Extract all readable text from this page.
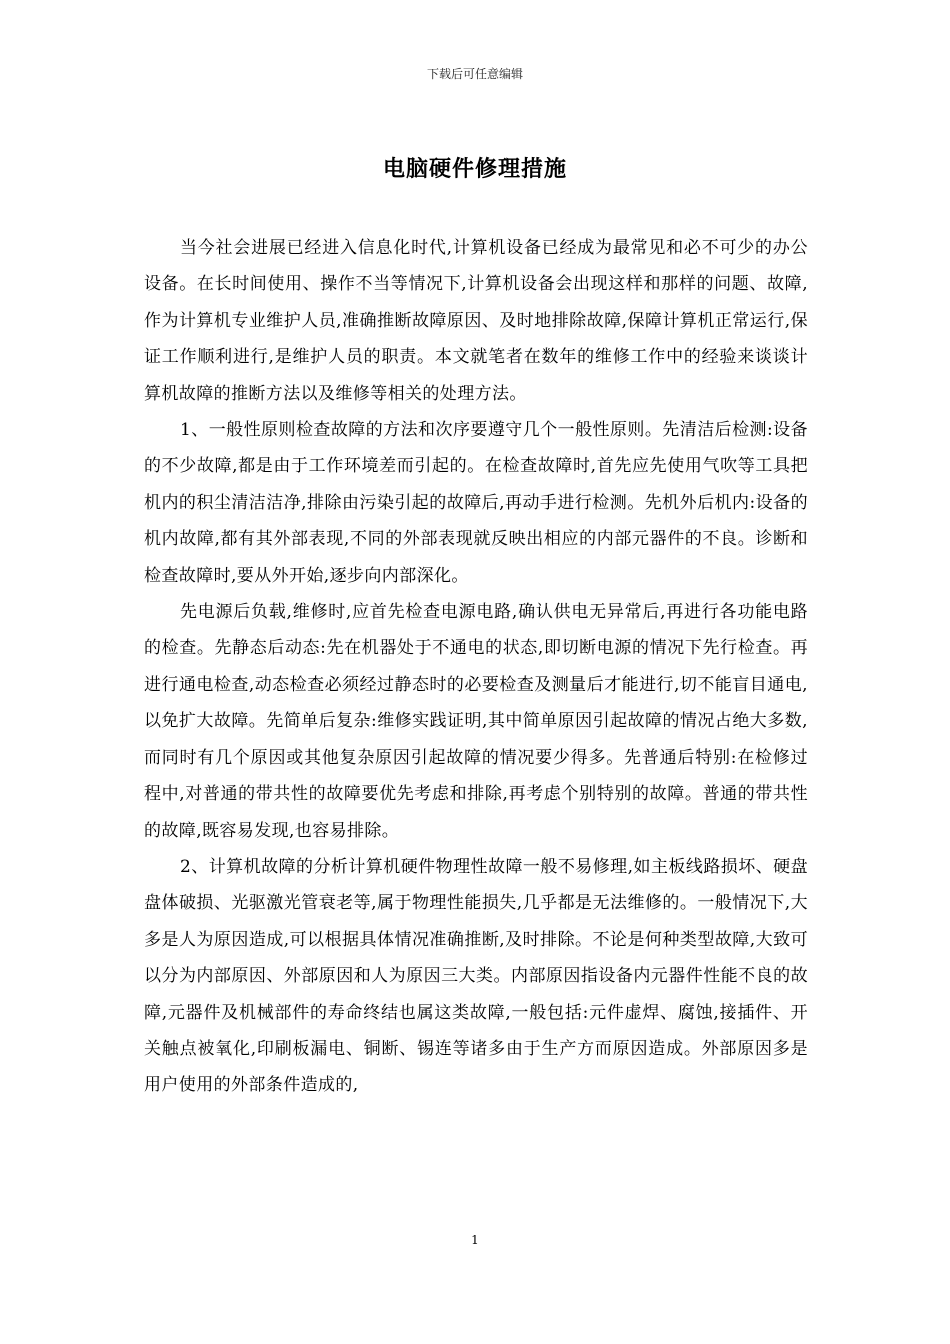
下载后可任意编辑
电脑硬件修理措施

当今社会进展已经进入信息化时代,计算机设备已经成为最常见和必不可少的办公设备。在长时间使用、操作不当等情况下,计算机设备会出现这样和那样的问题、故障,作为计算机专业维护人员,准确推断故障原因、及时地排除故障,保障计算机正常运行,保证工作顺利进行,是维护人员的职责。本文就笔者在数年的维修工作中的经验来谈谈计算机故障的推断方法以及维修等相关的处理方法。

1、一般性原则检查故障的方法和次序要遵守几个一般性原则。先清洁后检测:设备的不少故障,都是由于工作环境差而引起的。在检查故障时,首先应先使用气吹等工具把机内的积尘清洁洁净,排除由污染引起的故障后,再动手进行检测。先机外后机内:设备的机内故障,都有其外部表现,不同的外部表现就反映出相应的内部元器件的不良。诊断和检查故障时,要从外开始,逐步向内部深化。

先电源后负载,维修时,应首先检查电源电路,确认供电无异常后,再进行各功能电路的检查。先静态后动态:先在机器处于不通电的状态,即切断电源的情况下先行检查。再进行通电检查,动态检查必须经过静态时的必要检查及测量后才能进行,切不能盲目通电,以免扩大故障。先简单后复杂:维修实践证明,其中简单原因引起故障的情况占绝大多数,而同时有几个原因或其他复杂原因引起故障的情况要少得多。先普通后特别:在检修过程中,对普通的带共性的故障要优先考虑和排除,再考虑个别特别的故障。普通的带共性的故障,既容易发现,也容易排除。

2、计算机故障的分析计算机硬件物理性故障一般不易修理,如主板线路损坏、硬盘盘体破损、光驱激光管衰老等,属于物理性能损失,几乎都是无法维修的。一般情况下,大多是人为原因造成,可以根据具体情况准确推断,及时排除。不论是何种类型故障,大致可以分为内部原因、外部原因和人为原因三大类。内部原因指设备内元器件性能不良的故障,元器件及机械部件的寿命终结也属这类故障,一般包括:元件虚焊、腐蚀,接插件、开关触点被氧化,印刷板漏电、铜断、锡连等诸多由于生产方而原因造成。外部原因多是用户使用的外部条件造成的,

1
